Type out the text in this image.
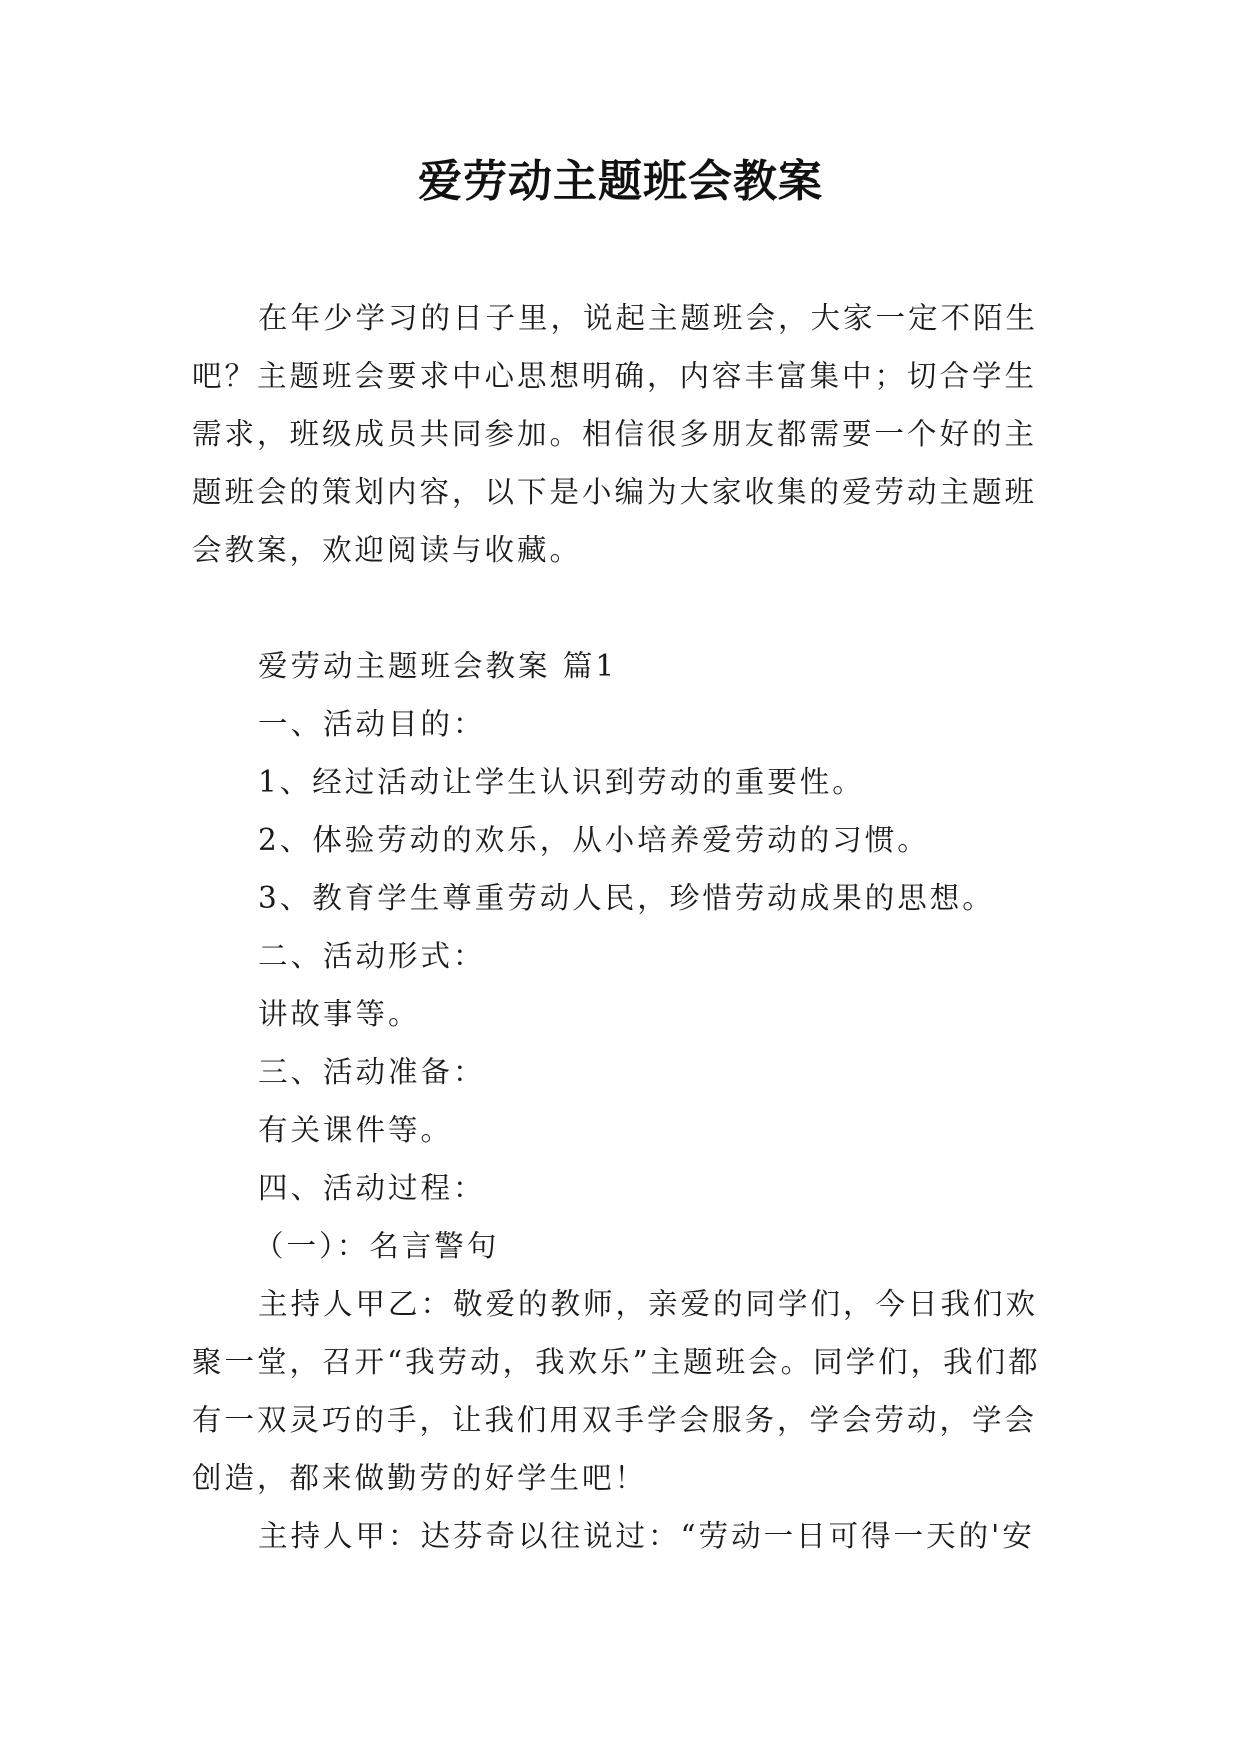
爱劳动主题班会教案

在年少学习的日子里，说起主题班会，大家一定不陌生吧？主题班会要求中心思想明确，内容丰富集中；切合学生需求，班级成员共同参加。相信很多朋友都需要一个好的主题班会的策划内容，以下是小编为大家收集的爱劳动主题班会教案，欢迎阅读与收藏。

爱劳动主题班会教案 篇1

一、活动目的：

1、经过活动让学生认识到劳动的重要性。

2、体验劳动的欢乐，从小培养爱劳动的习惯。

3、教育学生尊重劳动人民，珍惜劳动成果的思想。

二、活动形式：

讲故事等。

三、活动准备：

有关课件等。

四、活动过程：

（一）：名言警句

主持人甲乙：敬爱的教师，亲爱的同学们，今日我们欢聚一堂，召开“我劳动，我欢乐”主题班会。同学们，我们都有一双灵巧的手，让我们用双手学会服务，学会劳动，学会创造，都来做勤劳的好学生吧！

主持人甲：达芬奇以往说过：“劳动一日可得一天的'安
